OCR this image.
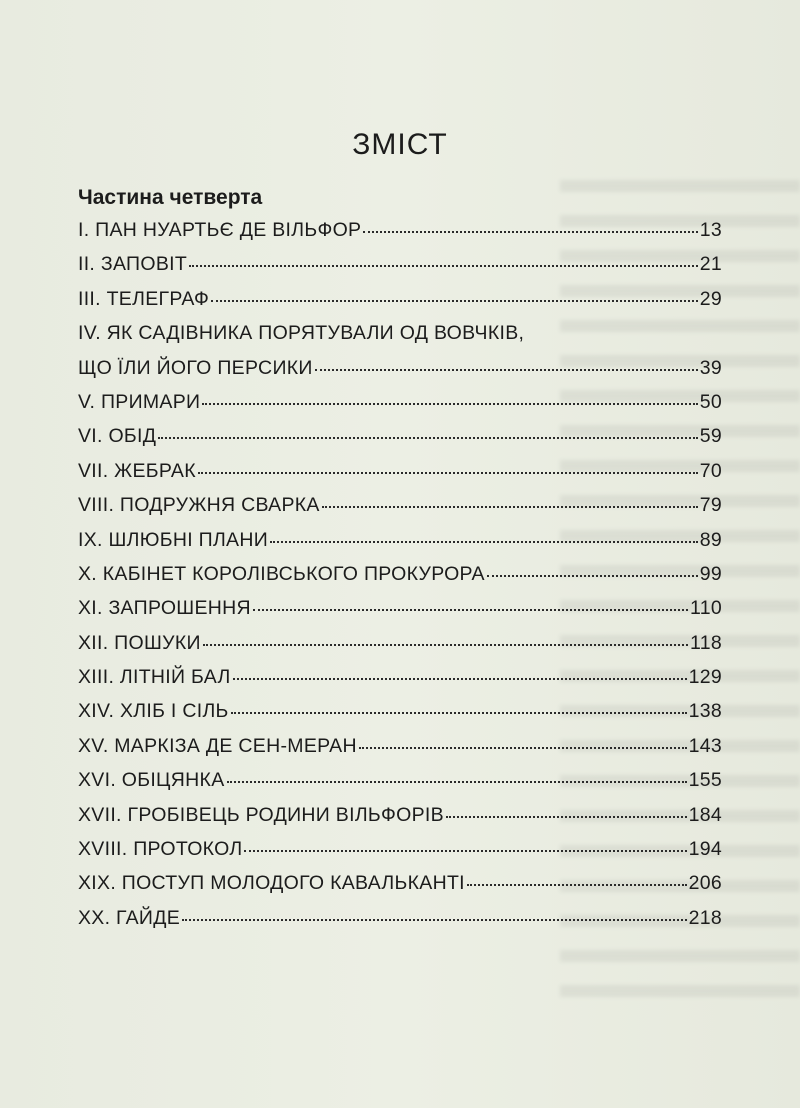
ЗМІСТ
Частина четверта
I. ПАН НУАРТЬЄ ДЕ ВІЛЬФОР	13
II. ЗАПОВІТ	21
III. ТЕЛЕГРАФ	29
IV. ЯК САДІВНИКА ПОРЯТУВАЛИ ОД ВОВЧКІВ,
ЩО ЇЛИ ЙОГО ПЕРСИКИ	39
V. ПРИМАРИ	50
VI. ОБІД	59
VII. ЖЕБРАК	70
VIII. ПОДРУЖНЯ СВАРКА	79
IX. ШЛЮБНІ ПЛАНИ	89
X. КАБІНЕТ КОРОЛІВСЬКОГО ПРОКУРОРА	99
XI. ЗАПРОШЕННЯ	110
XII. ПОШУКИ	118
XIII. ЛІТНІЙ БАЛ	129
XIV. ХЛІБ І СІЛЬ	138
XV. МАРКІЗА ДЕ СЕН-МЕРАН	143
XVI. ОБІЦЯНКА	155
XVII. ГРОБІВЕЦЬ РОДИНИ ВІЛЬФОРІВ	184
XVIII. ПРОТОКОЛ	194
XIX. ПОСТУП МОЛОДОГО КАВАЛЬКАНТІ	206
XX. ГАЙДЕ	218
